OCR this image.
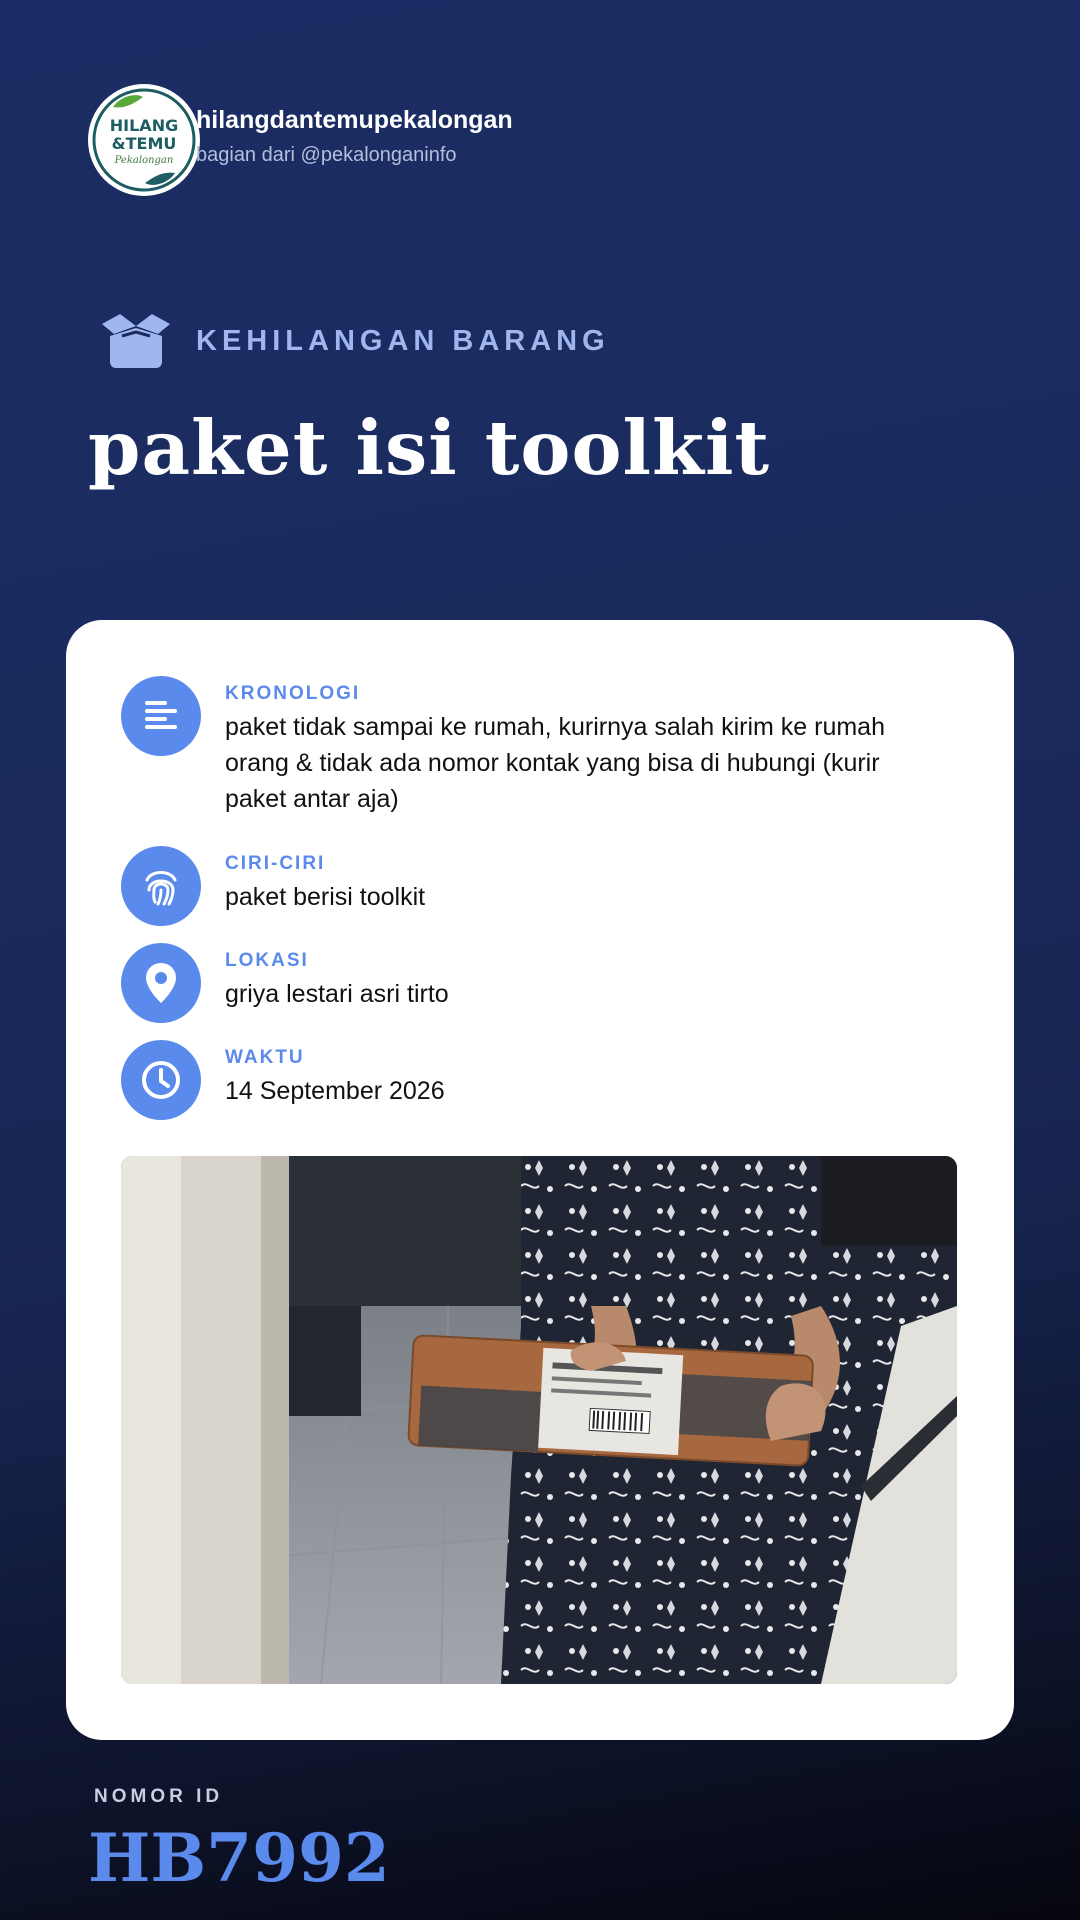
HILANG
&TEMU
Pekalongan
hilangdantemupekalongan
bagian dari @pekalonganinfo
KEHILANGAN BARANG
paket isi toolkit
KRONOLOGI
paket tidak sampai ke rumah, kurirnya salah kirim ke rumah orang & tidak ada nomor kontak yang bisa di hubungi (kurir paket antar aja)
CIRI-CIRI
paket berisi toolkit
LOKASI
griya lestari asri tirto
WAKTU
14 September 2026
NOMOR ID
HB7992
